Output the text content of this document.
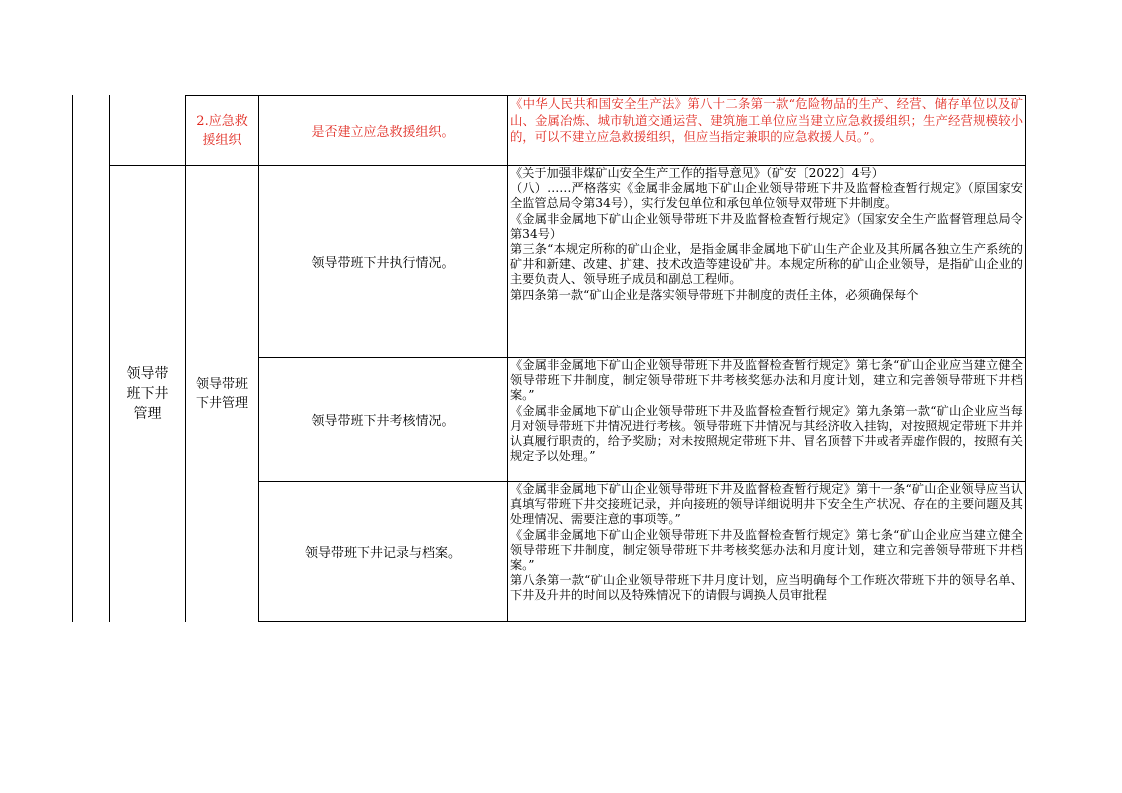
2.应急救援组织	是否建立应急救援组织。
《中华人民共和国安全生产法》第八十二条第一款“危险物品的生产、经营、储存单位以及矿山、金属冶炼、城市轨道交通运营、建筑施工单位应当建立应急救援组织；生产经营规模较小的，可以不建立应急救援组织，但应当指定兼职的应急救援人员。”。
领导带班下井管理
领导带班下井管理
领导带班下井执行情况。
《关于加强非煤矿山安全生产工作的指导意见》（矿安〔2022〕4号）
（八）……严格落实《金属非金属地下矿山企业领导带班下井及监督检查暂行规定》（原国家安全监管总局令第34号），实行发包单位和承包单位领导双带班下井制度。
《金属非金属地下矿山企业领导带班下井及监督检查暂行规定》（国家安全生产监督管理总局令第34号）
第三条“本规定所称的矿山企业，是指金属非金属地下矿山生产企业及其所属各独立生产系统的矿井和新建、改建、扩建、技术改造等建设矿井。本规定所称的矿山企业领导，是指矿山企业的主要负责人、领导班子成员和副总工程师。
第四条第一款“矿山企业是落实领导带班下井制度的责任主体，必须确保每个
领导带班下井考核情况。
《金属非金属地下矿山企业领导带班下井及监督检查暂行规定》第七条“矿山企业应当建立健全领导带班下井制度，制定领导带班下井考核奖惩办法和月度计划，建立和完善领导带班下井档案。”
《金属非金属地下矿山企业领导带班下井及监督检查暂行规定》第九条第一款“矿山企业应当每月对领导带班下井情况进行考核。领导带班下井情况与其经济收入挂钩，对按照规定带班下井并认真履行职责的，给予奖励；对未按照规定带班下井、冒名顶替下井或者弄虚作假的，按照有关规定予以处理。”
领导带班下井记录与档案。
《金属非金属地下矿山企业领导带班下井及监督检查暂行规定》第十一条“矿山企业领导应当认真填写带班下井交接班记录，并向接班的领导详细说明井下安全生产状况、存在的主要问题及其处理情况、需要注意的事项等。”
《金属非金属地下矿山企业领导带班下井及监督检查暂行规定》第七条“矿山企业应当建立健全领导带班下井制度，制定领导带班下井考核奖惩办法和月度计划，建立和完善领导带班下井档案。”
第八条第一款“矿山企业领导带班下井月度计划，应当明确每个工作班次带班下井的领导名单、下井及升井的时间以及特殊情况下的请假与调换人员审批程
